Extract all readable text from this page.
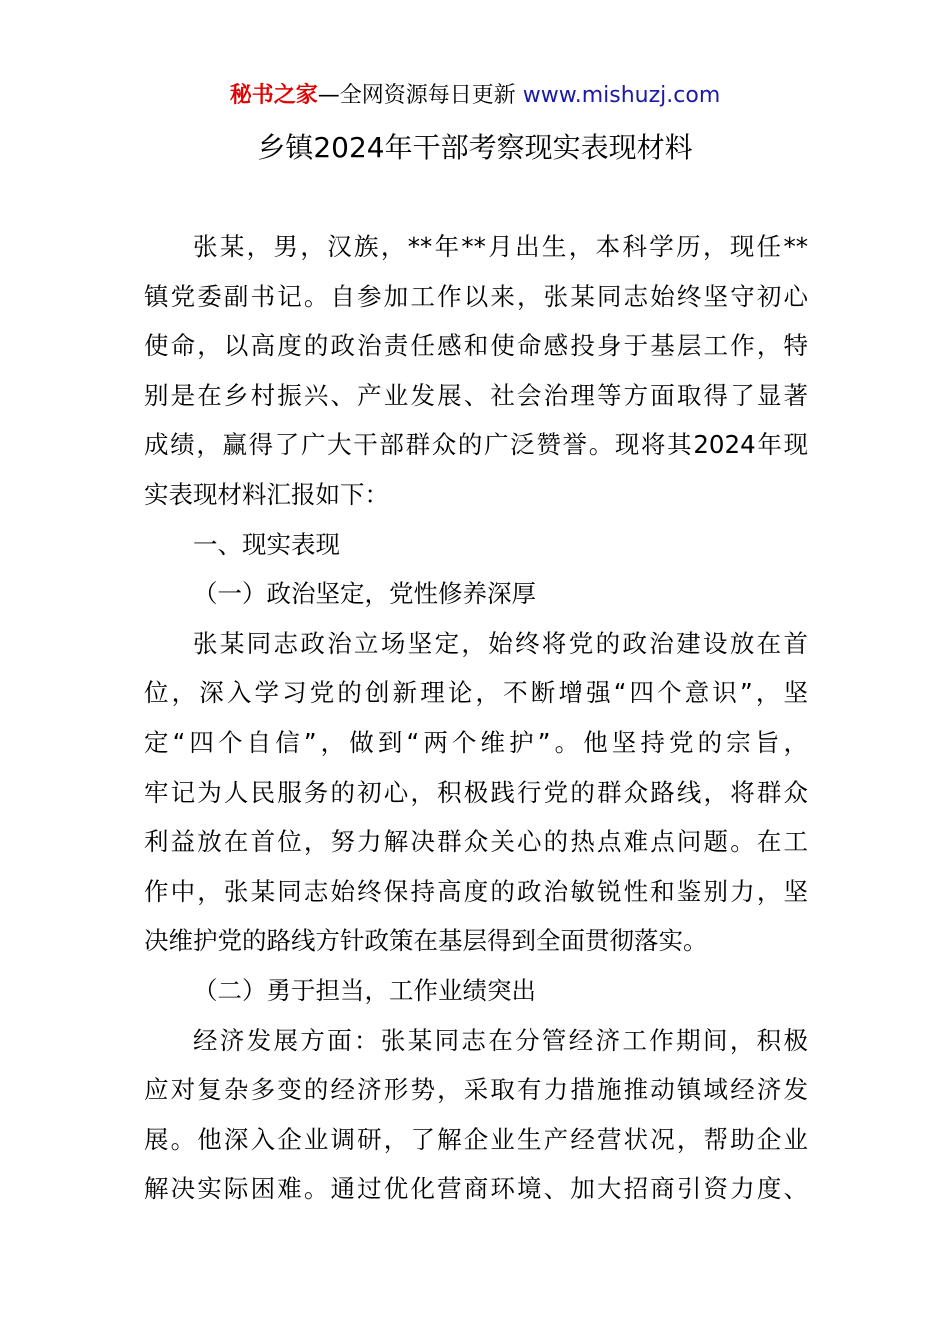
秘书之家—全网资源每日更新 www.mishuzj.com
乡镇2024年干部考察现实表现材料
张某，男，汉族，**年**月出生，本科学历，现任**
镇党委副书记。自参加工作以来，张某同志始终坚守初心
使命，以高度的政治责任感和使命感投身于基层工作，特
别是在乡村振兴、产业发展、社会治理等方面取得了显著
成绩，赢得了广大干部群众的广泛赞誉。现将其2024年现
实表现材料汇报如下：
一、现实表现
（一）政治坚定，党性修养深厚
张某同志政治立场坚定，始终将党的政治建设放在首
位，深入学习党的创新理论，不断增强“四个意识”，坚
定“四个自信”，做到“两个维护”。他坚持党的宗旨，
牢记为人民服务的初心，积极践行党的群众路线，将群众
利益放在首位，努力解决群众关心的热点难点问题。在工
作中，张某同志始终保持高度的政治敏锐性和鉴别力，坚
决维护党的路线方针政策在基层得到全面贯彻落实。
（二）勇于担当，工作业绩突出
经济发展方面：张某同志在分管经济工作期间，积极
应对复杂多变的经济形势，采取有力措施推动镇域经济发
展。他深入企业调研，了解企业生产经营状况，帮助企业
解决实际困难。通过优化营商环境、加大招商引资力度、
